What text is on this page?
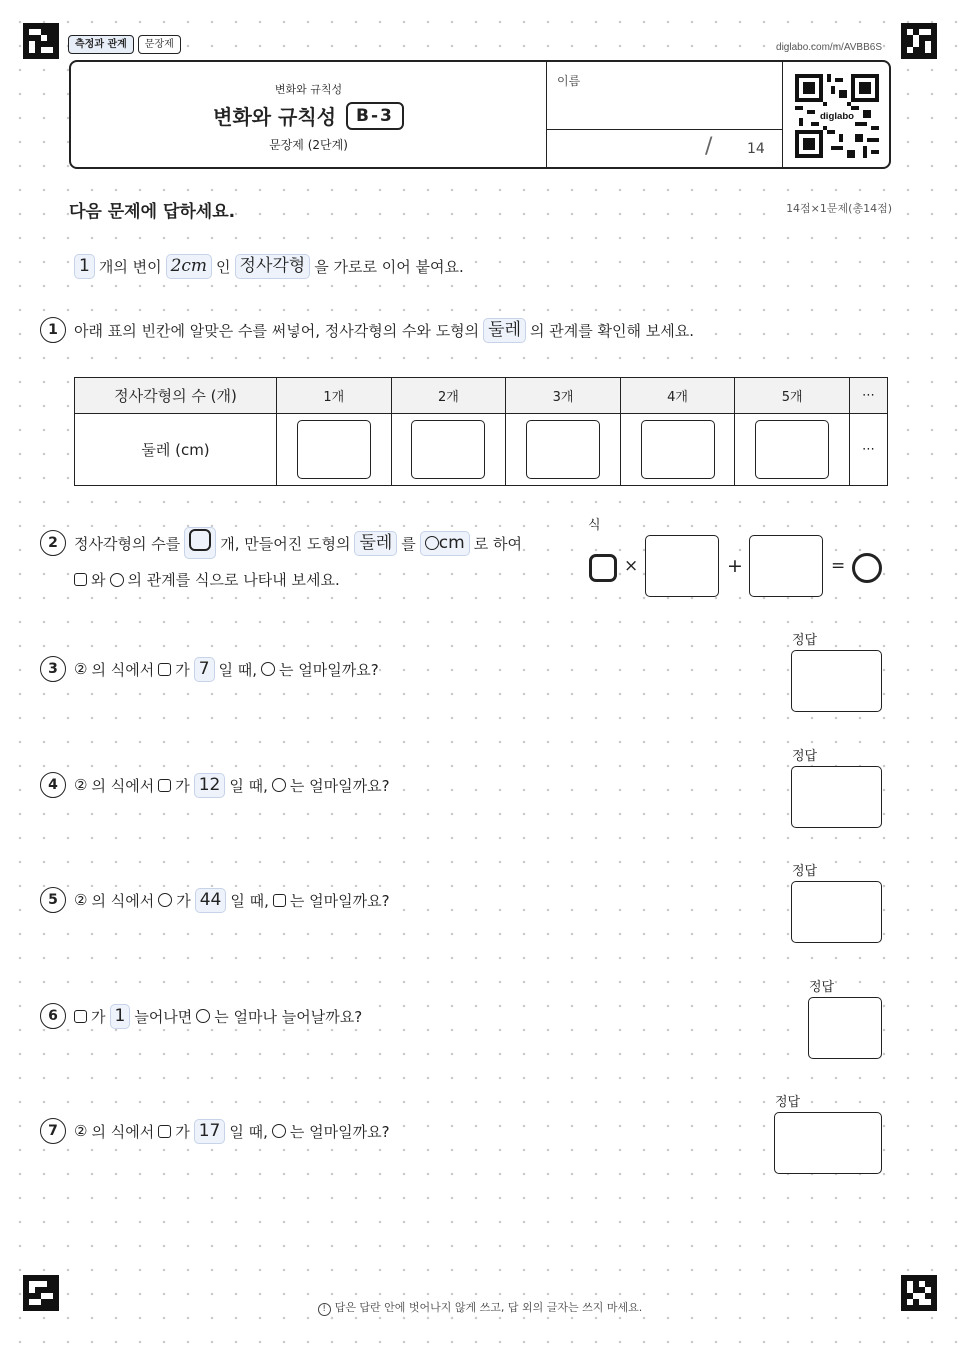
측정과 관계	문장제	diglabo.com/m/AVBB6S
변화와 규칙성
변화와 규칙성	B-3
문장제 (2단계)
이름
/ 14
diglabo
다음 문제에 답하세요.	14점×1문제(총14점)
1 개의 변이 2cm 인 정사각형 을 가로로 이어 붙여요.
1	아래 표의 빈칸에 알맞은 수를 써넣어, 정사각형의 수와 도형의 둘레 의 관계를 확인해 보세요.
정사각형의 수 (개)	1개	2개	3개	4개	5개	⋯
둘레 (cm)						⋯
2	정사각형의 수를	개, 만들어진 도형의 둘레 를	cm 로 하여
와 의 관계를 식으로 나타내 보세요.
식
×	+	=
3	② 의 식에서 가 7 일 때, 는 얼마일까요?
정답
4	② 의 식에서 가 12 일 때, 는 얼마일까요?
정답
5	② 의 식에서 가 44 일 때, 는 얼마일까요?
정답
6	가 1 늘어나면 는 얼마나 늘어날까요?
정답
7	② 의 식에서 가 17 일 때, 는 얼마일까요?
정답
! 답은 답란 안에 벗어나지 않게 쓰고, 답 외의 글자는 쓰지 마세요.
